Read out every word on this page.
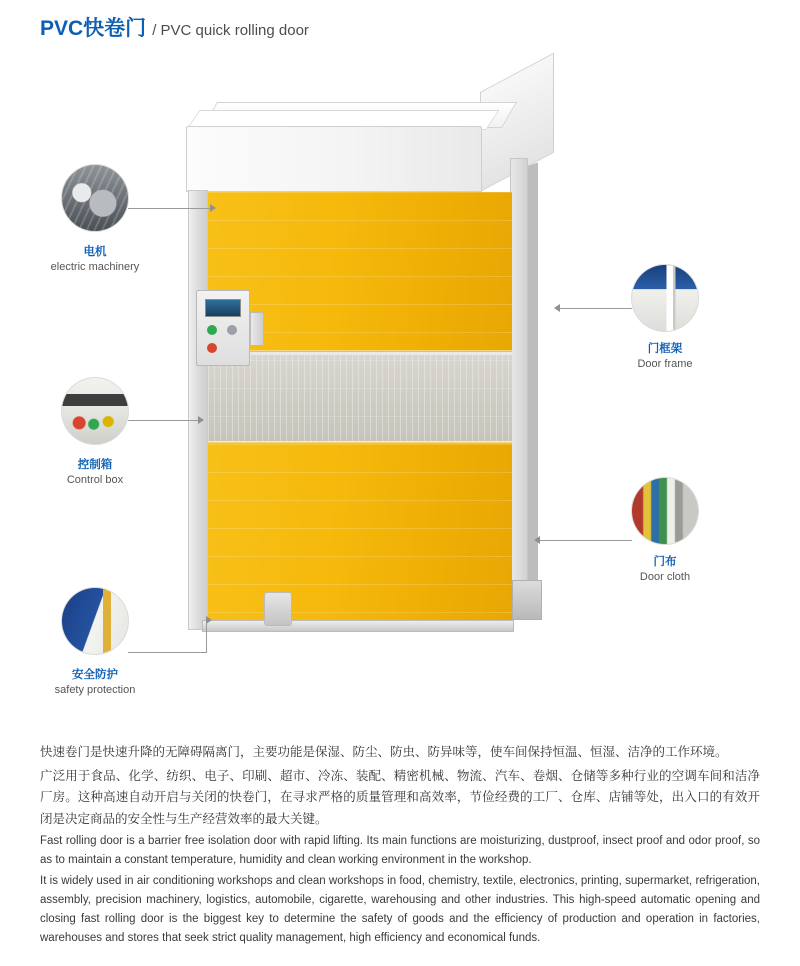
PVC快卷门 / PVC quick rolling door
电机
electric machinery
控制箱
Control box
安全防护
safety protection
门框架
Door frame
门布
Door cloth

快速卷门是快速升降的无障碍隔离门，主要功能是保湿、防尘、防虫、防异味等，使车间保持恒温、恒湿、洁净的工作环境。

广泛用于食品、化学、纺织、电子、印刷、超市、冷冻、装配、精密机械、物流、汽车、卷烟、仓储等多种行业的空调车间和洁净厂房。这种高速自动开启与关闭的快卷门，在寻求严格的质量管理和高效率，节俭经费的工厂、仓库、店铺等处，出入口的有效开闭是决定商品的安全性与生产经营效率的最大关键。

Fast rolling door is a barrier free isolation door with rapid lifting. Its main functions are moisturizing, dustproof, insect proof and odor proof, so as to maintain a constant temperature, humidity and clean working environment in the workshop.

It is widely used in air conditioning workshops and clean workshops in food, chemistry, textile, electronics, printing, supermarket, refrigeration, assembly, precision machinery, logistics, automobile, cigarette, warehousing and other industries. This high-speed automatic opening and closing fast rolling door is the biggest key to determine the safety of goods and the efficiency of production and operation in factories, warehouses and stores that seek strict quality management, high efficiency and economical funds.
